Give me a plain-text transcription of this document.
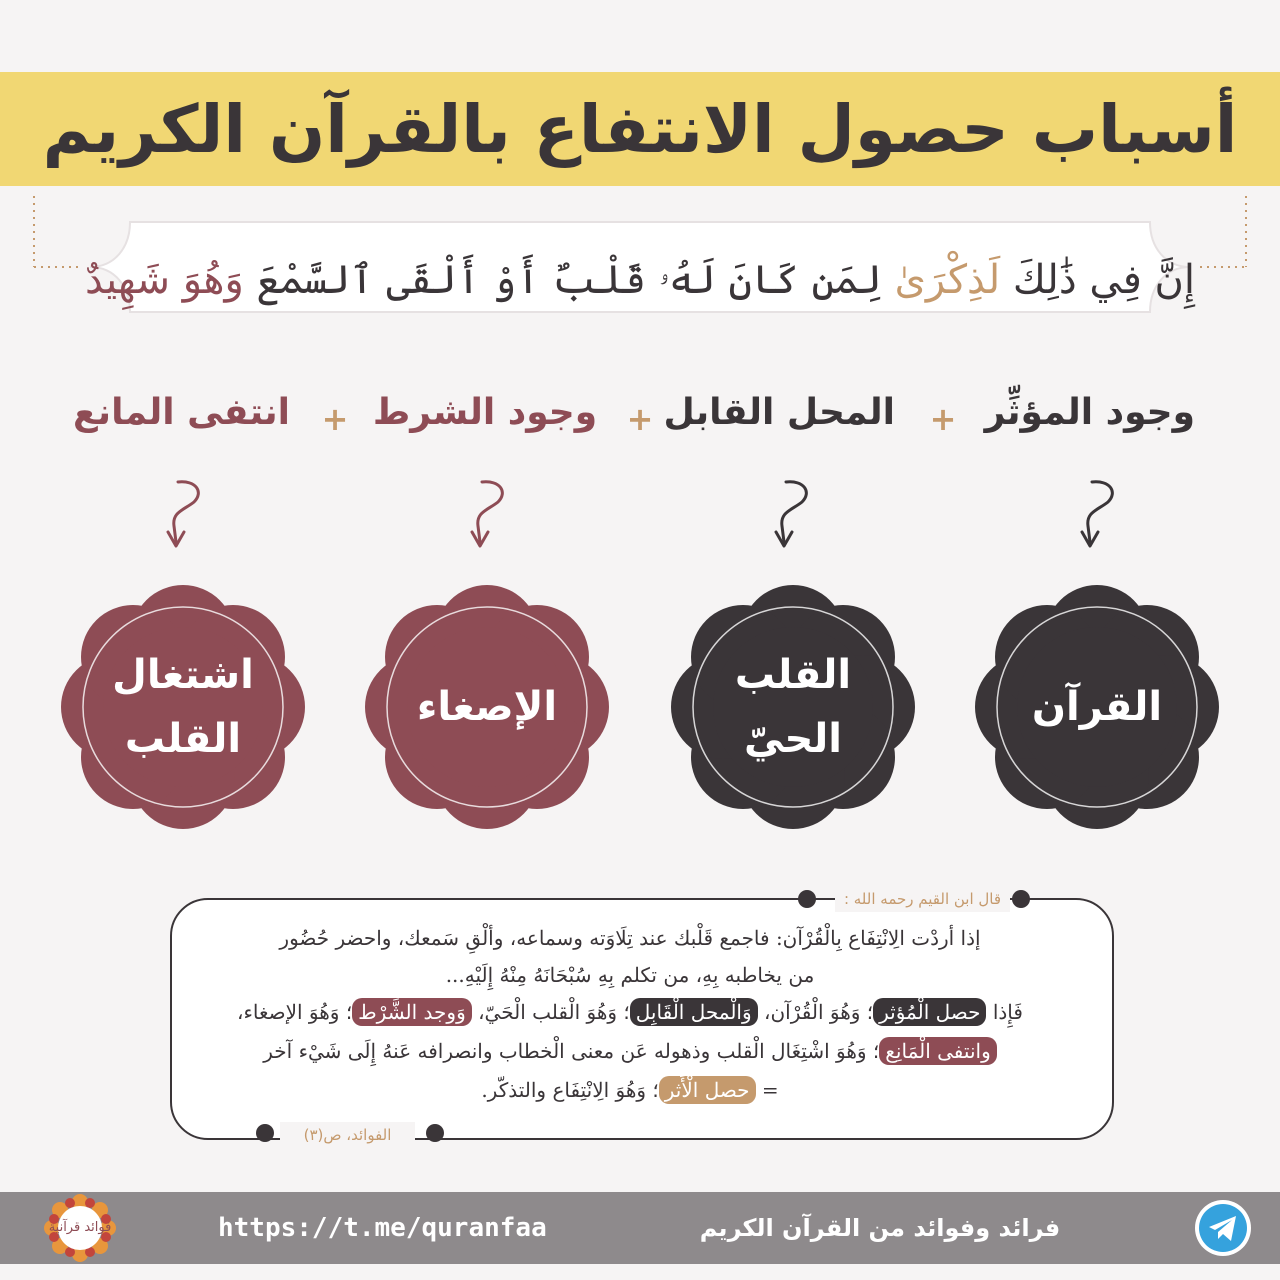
أسباب حصول الانتفاع بالقرآن الكريم
إِنَّ فِي ذَٰلِكَ

لَذِكْرَىٰ

لِمَن كَانَ لَهُۥ قَلْبٌ أَوْ أَلْقَى ٱلسَّمْعَ

وَهُوَ شَهِيدٌ
وجود المؤثِّر
+
المحل القابل
+
وجود الشرط
+
انتفى المانع
القرآن
القلب
الحيّ
الإصغاء
اشتغال
القلب
قال ابن القيم رحمه الله :
إذا أردْت الِانْتِفَاع بِالْقُرْآن: فاجمع قَلْبك عند تِلَاوَته وسماعه، وألْقِ سَمعك، واحضر حُضُور
من يخاطبه بِهِ، من تكلم بِهِ سُبْحَانَهُ مِنْهُ إِلَيْهِ...
فَإِذا حصل الْمُؤثر؛ وَهُوَ الْقُرْآن، وَالْمحل الْقَابِل؛ وَهُوَ الْقلب الْحَيّ، وَوجد الشَّرْط؛ وَهُوَ الإصغاء،
وانتفى الْمَانِع؛ وَهُوَ اشْتِغَال الْقلب وذهوله عَن معنى الْخطاب وانصرافه عَنهُ إِلَى شَيْء آخر
= حصل الْأَثر؛ وَهُوَ الِانْتِفَاع والتذكّر.
الفوائد، ص(٣)
فوائد قرآنية	https://t.me/quranfaa	فرائد وفوائد من القرآن الكريم
